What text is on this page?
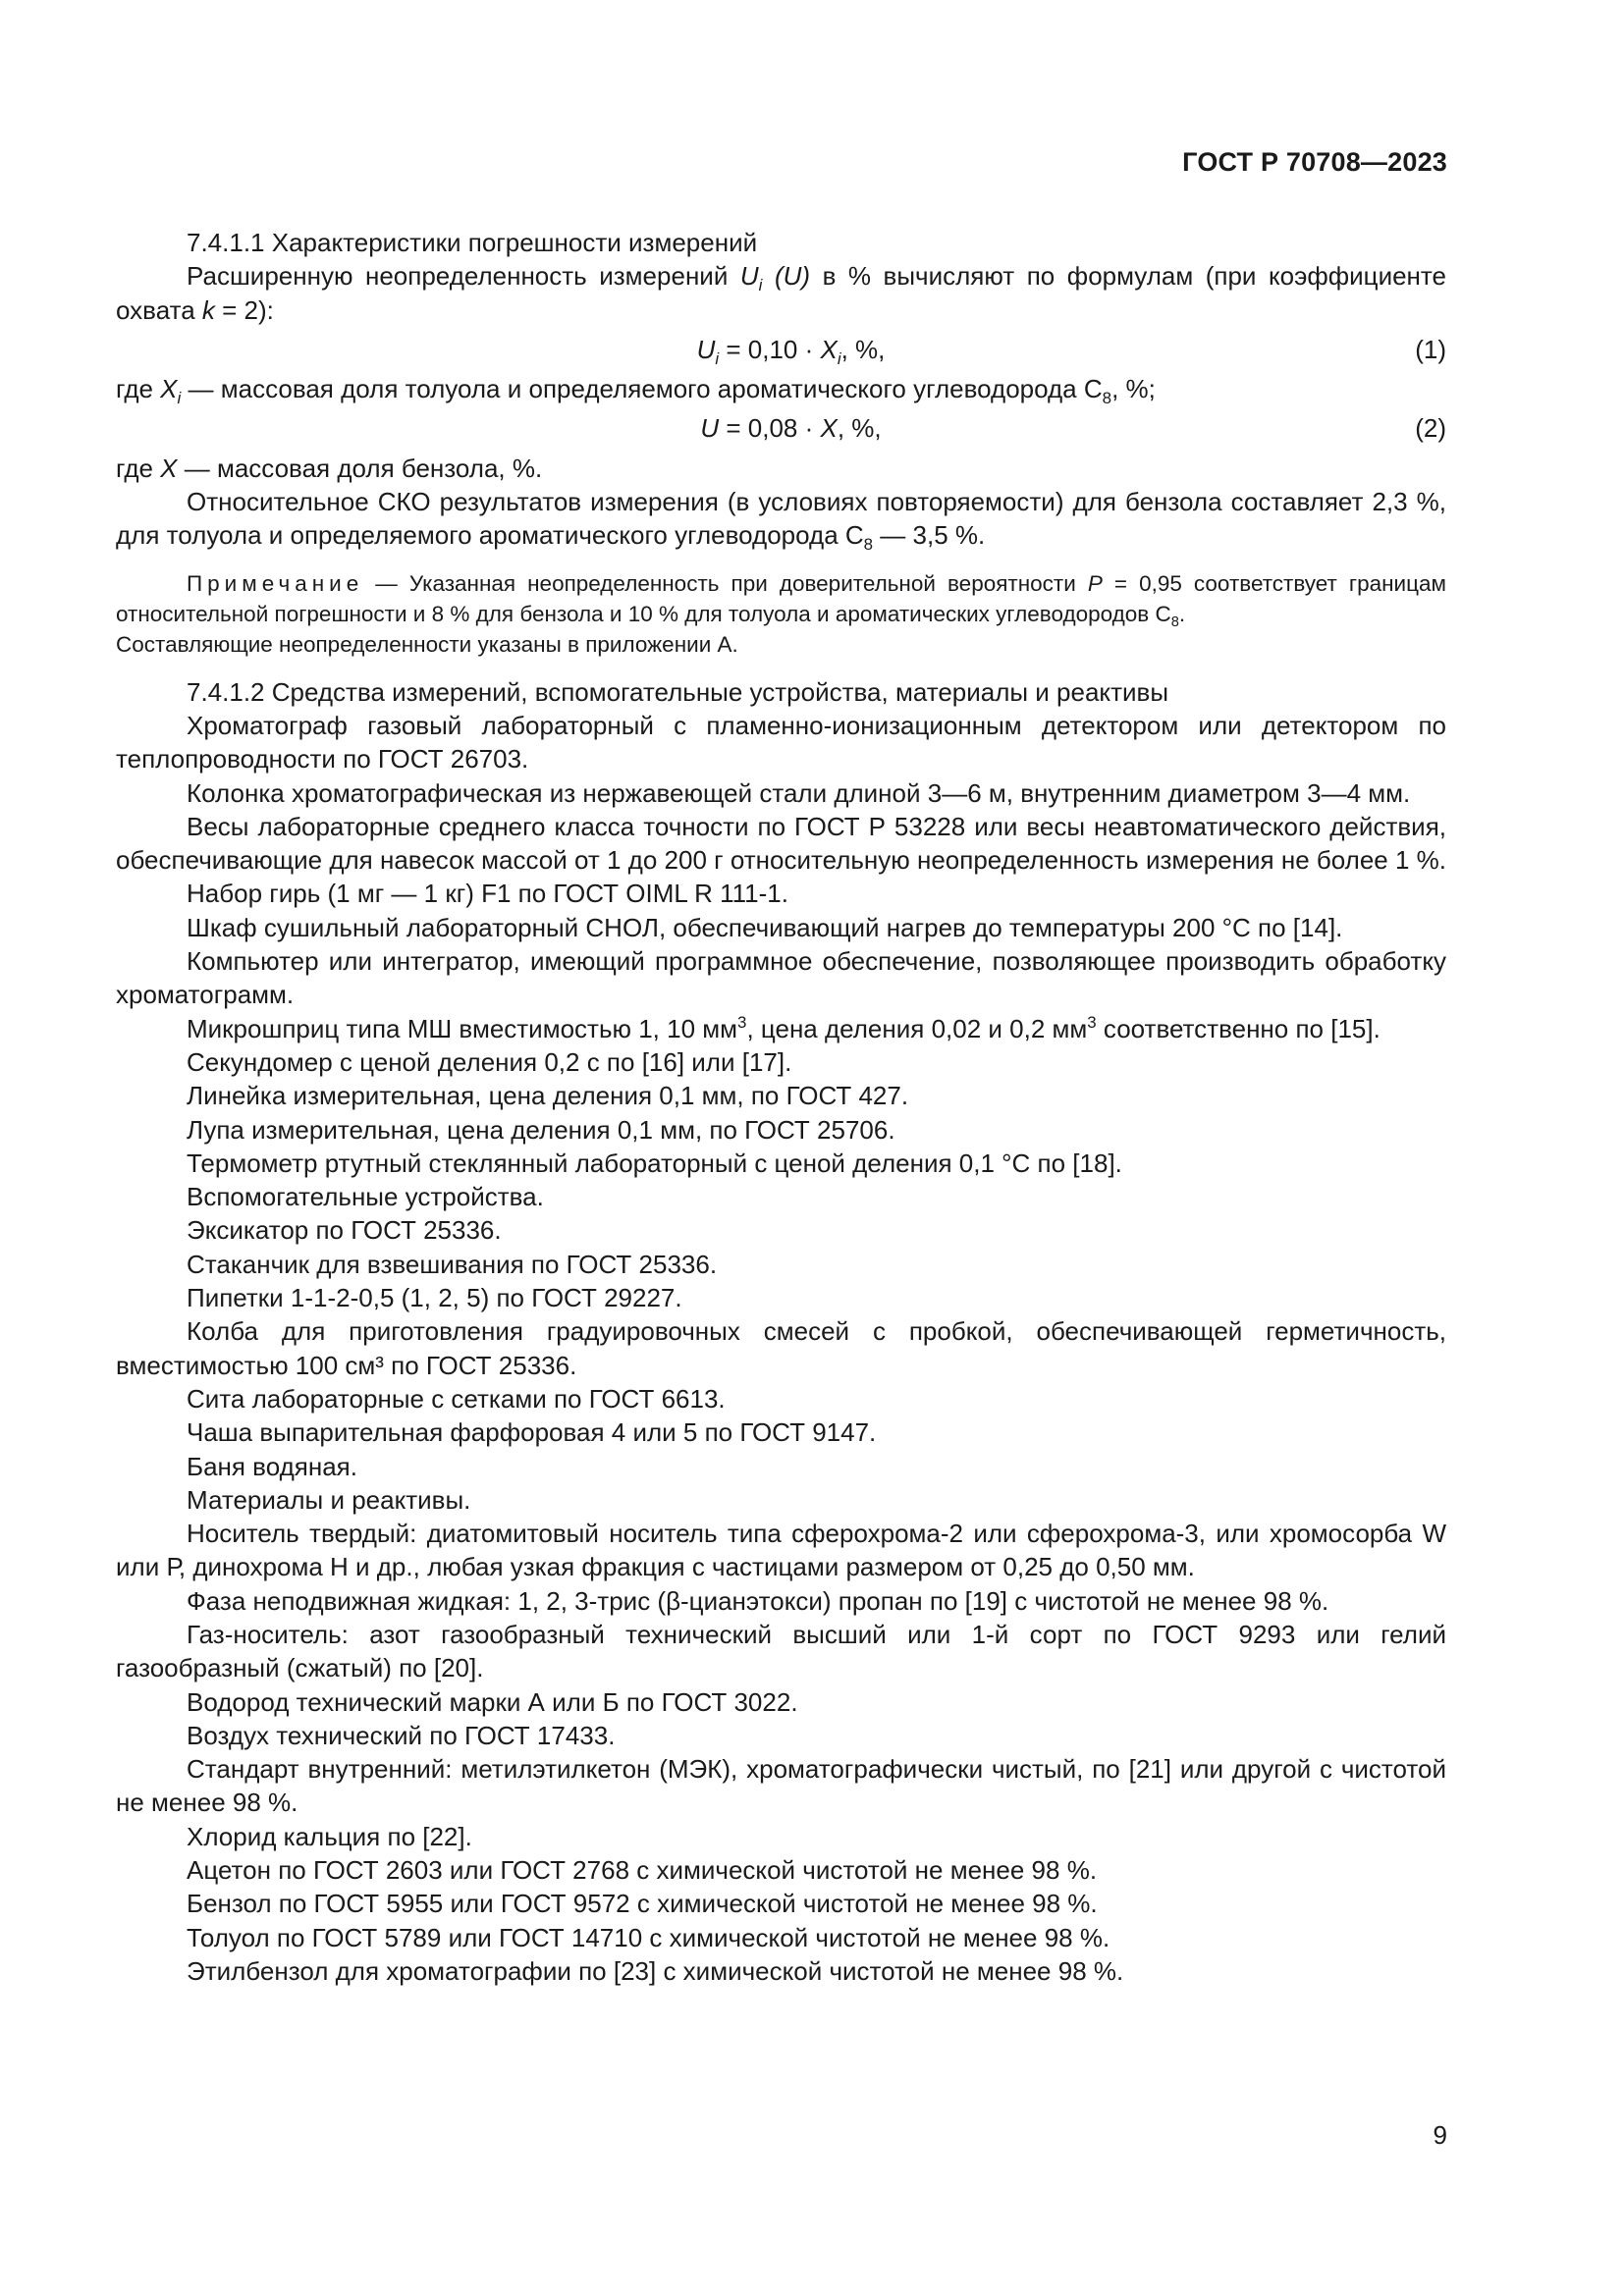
ГОСТ Р 70708—2023

7.4.1.1 Характеристики погрешности измерений

Расширенную неопределенность измерений $U_i$ (U) в % вычисляют по формулам (при коэффициенте охвата k = 2):

$U_i = 0,10 \cdot X_i$, %,	(1)

где $X_i$ — массовая доля толуола и определяемого ароматического углеводорода $С_8$, %;

U = 0,08 · X, %,	(2)

где X — массовая доля бензола, %.

Относительное СКО результатов измерения (в условиях повторяемости) для бензола составляет 2,3 %, для толуола и определяемого ароматического углеводорода $С_8$ — 3,5 %.

Примечание — Указанная неопределенность при доверительной вероятности P = 0,95 соответствует границам относительной погрешности и 8 % для бензола и 10 % для толуола и ароматических углеводородов $С_8$.

Составляющие неопределенности указаны в приложении А.

7.4.1.2 Средства измерений, вспомогательные устройства, материалы и реактивы

Хроматограф газовый лабораторный с пламенно-ионизационным детектором или детектором по теплопроводности по ГОСТ 26703.

Колонка хроматографическая из нержавеющей стали длиной 3—6 м, внутренним диаметром 3—4 мм.

Весы лабораторные среднего класса точности по ГОСТ Р 53228 или весы неавтоматического действия, обеспечивающие для навесок массой от 1 до 200 г относительную неопределенность измерения не более 1 %.

Набор гирь (1 мг — 1 кг) F1 по ГОСТ OIML R 111-1.

Шкаф сушильный лабораторный СНОЛ, обеспечивающий нагрев до температуры 200 °С по [14].

Компьютер или интегратор, имеющий программное обеспечение, позволяющее производить обработку хроматограмм.

Микрошприц типа МШ вместимостью 1, 10 $мм^3$, цена деления 0,02 и 0,2 $мм^3$ соответственно по [15].

Секундомер с ценой деления 0,2 с по [16] или [17].

Линейка измерительная, цена деления 0,1 мм, по ГОСТ 427.

Лупа измерительная, цена деления 0,1 мм, по ГОСТ 25706.

Термометр ртутный стеклянный лабораторный с ценой деления 0,1 °С по [18].

Вспомогательные устройства.

Эксикатор по ГОСТ 25336.

Стаканчик для взвешивания по ГОСТ 25336.

Пипетки 1-1-2-0,5 (1, 2, 5) по ГОСТ 29227.

Колба для приготовления градуировочных смесей с пробкой, обеспечивающей герметичность, вместимостью 100 см³ по ГОСТ 25336.

Сита лабораторные с сетками по ГОСТ 6613.

Чаша выпарительная фарфоровая 4 или 5 по ГОСТ 9147.

Баня водяная.

Материалы и реактивы.

Носитель твердый: диатомитовый носитель типа сферохрома-2 или сферохрома-3, или хромосорба W или Р, динохрома Н и др., любая узкая фракция с частицами размером от 0,25 до 0,50 мм.

Фаза неподвижная жидкая: 1, 2, 3-трис (β-цианэтокси) пропан по [19] с чистотой не менее 98 %.

Газ-носитель: азот газообразный технический высший или 1-й сорт по ГОСТ 9293 или гелий газообразный (сжатый) по [20].

Водород технический марки А или Б по ГОСТ 3022.

Воздух технический по ГОСТ 17433.

Стандарт внутренний: метилэтилкетон (МЭК), хроматографически чистый, по [21] или другой с чистотой не менее 98 %.

Хлорид кальция по [22].

Ацетон по ГОСТ 2603 или ГОСТ 2768 с химической чистотой не менее 98 %.

Бензол по ГОСТ 5955 или ГОСТ 9572 с химической чистотой не менее 98 %.

Толуол по ГОСТ 5789 или ГОСТ 14710 с химической чистотой не менее 98 %.

Этилбензол для хроматографии по [23] с химической чистотой не менее 98 %.

9
